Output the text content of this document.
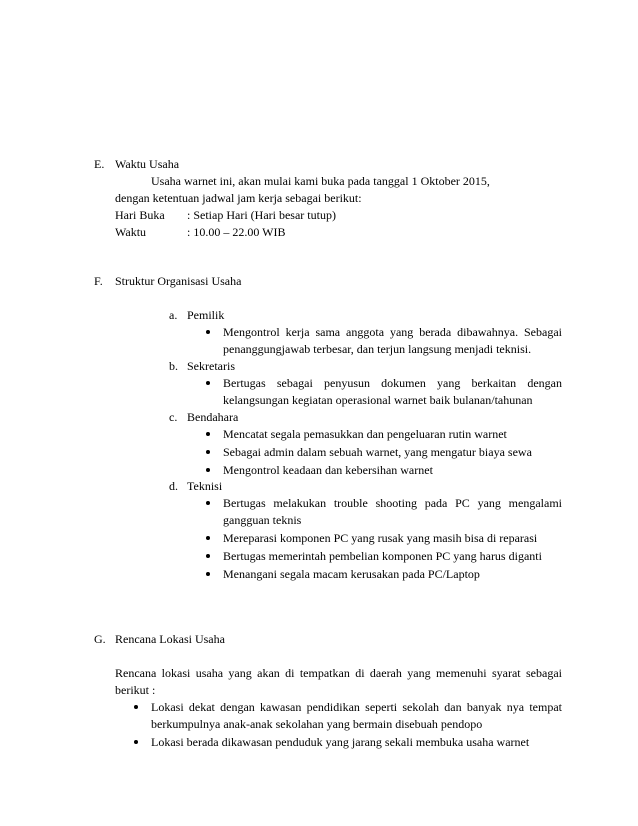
E. Waktu Usaha
Usaha warnet ini, akan mulai kami buka pada tanggal 1 Oktober 2015,
dengan ketentuan jadwal jam kerja sebagai berikut:
Hari Buka : Setiap Hari (Hari besar tutup)
Waktu	: 10.00 – 22.00 WIB
F. Struktur Organisasi Usaha
a. Pemilik
Mengontrol kerja sama anggota yang berada dibawahnya. Sebagai
penanggungjawab terbesar, dan terjun langsung menjadi teknisi.
b. Sekretaris
Bertugas sebagai penyusun dokumen yang berkaitan dengan
kelangsungan kegiatan operasional warnet baik bulanan/tahunan
c. Bendahara
Mencatat segala pemasukkan dan pengeluaran rutin warnet
Sebagai admin dalam sebuah warnet, yang mengatur biaya sewa
Mengontrol keadaan dan kebersihan warnet
d. Teknisi
Bertugas melakukan trouble shooting pada PC yang mengalami
gangguan teknis
Mereparasi komponen PC yang rusak yang masih bisa di reparasi
Bertugas memerintah pembelian komponen PC yang harus diganti
Menangani segala macam kerusakan pada PC/Laptop
G. Rencana Lokasi Usaha
Rencana lokasi usaha yang akan di tempatkan di daerah yang memenuhi syarat sebagai
berikut :
Lokasi dekat dengan kawasan pendidikan seperti sekolah dan banyak nya tempat
berkumpulnya anak-anak sekolahan yang bermain disebuah pendopo
Lokasi berada dikawasan penduduk yang jarang sekali membuka usaha warnet
